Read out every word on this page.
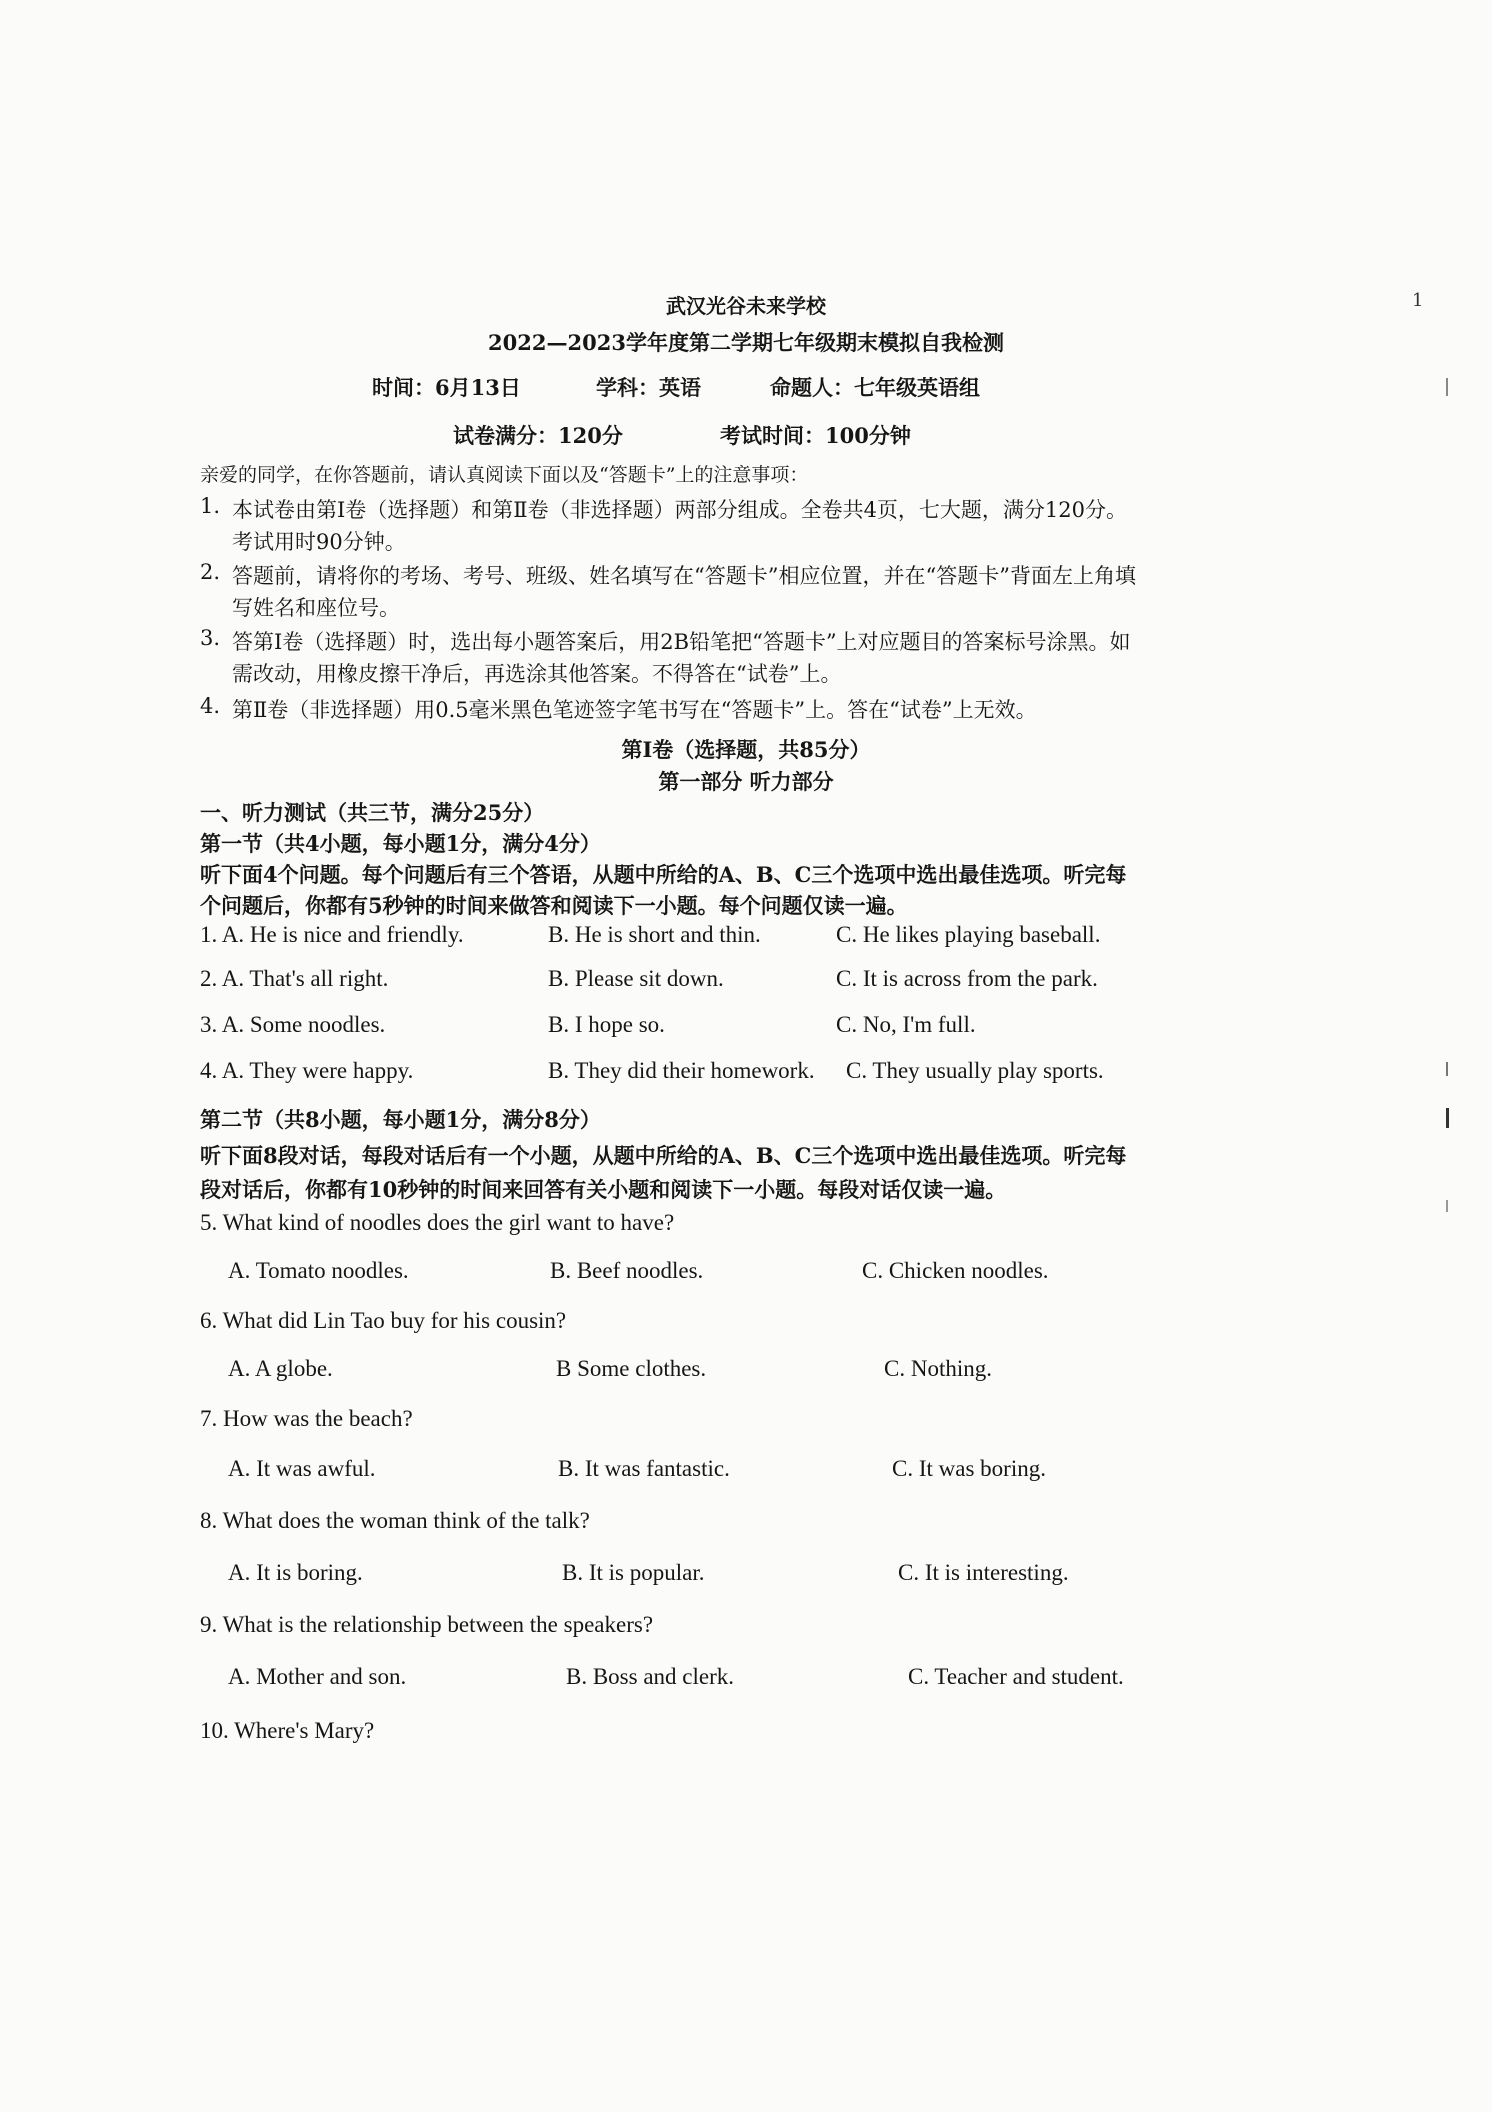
1
武汉光谷未来学校
2022—2023学年度第二学期七年级期末模拟自我检测
时间：6月13日	学科：英语	命题人：七年级英语组
试卷满分：120分	考试时间：100分钟
亲爱的同学，在你答题前，请认真阅读下面以及“答题卡”上的注意事项：
1. 本试卷由第Ⅰ卷（选择题）和第Ⅱ卷（非选择题）两部分组成。全卷共4页，七大题，满分120分。
考试用时90分钟。
2. 答题前，请将你的考场、考号、班级、姓名填写在“答题卡”相应位置，并在“答题卡”背面左上角填
写姓名和座位号。
3. 答第Ⅰ卷（选择题）时，选出每小题答案后，用2B铅笔把“答题卡”上对应题目的答案标号涂黑。如
需改动，用橡皮擦干净后，再选涂其他答案。不得答在“试卷”上。
4. 第Ⅱ卷（非选择题）用0.5毫米黑色笔迹签字笔书写在“答题卡”上。答在“试卷”上无效。
第Ⅰ卷（选择题，共85分）
第一部分 听力部分
一、听力测试（共三节，满分25分）
第一节（共4小题，每小题1分，满分4分）
听下面4个问题。每个问题后有三个答语，从题中所给的A、B、C三个选项中选出最佳选项。听完每
个问题后，你都有5秒钟的时间来做答和阅读下一小题。每个问题仅读一遍。
1. A. He is nice and friendly.	B. He is short and thin.	C. He likes playing baseball.
2. A. That's all right.	B. Please sit down.	C. It is across from the park.
3. A. Some noodles.	B. I hope so.	C. No, I'm full.
4. A. They were happy.	B. They did their homework. C. They usually play sports.
第二节（共8小题，每小题1分，满分8分）
听下面8段对话，每段对话后有一个小题，从题中所给的A、B、C三个选项中选出最佳选项。听完每
段对话后，你都有10秒钟的时间来回答有关小题和阅读下一小题。每段对话仅读一遍。
5. What kind of noodles does the girl want to have?
A. Tomato noodles.	B. Beef noodles.	C. Chicken noodles.
6. What did Lin Tao buy for his cousin?
A. A globe.	B Some clothes.	C. Nothing.
7. How was the beach?
A. It was awful.	B. It was fantastic.	C. It was boring.
8. What does the woman think of the talk?
A. It is boring.	B. It is popular.	C. It is interesting.
9. What is the relationship between the speakers?
A. Mother and son.	B. Boss and clerk.	C. Teacher and student.
10. Where's Mary?
